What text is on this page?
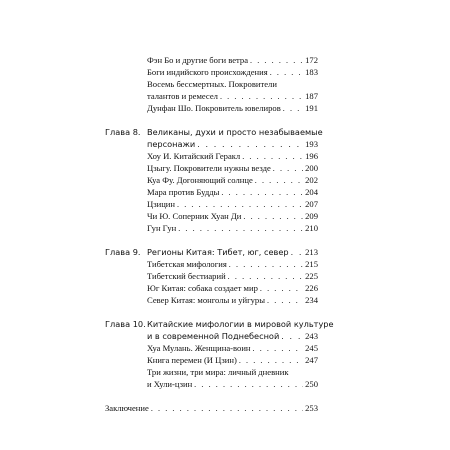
Фэн Бо и другие боги ветра . . .	172
Боги индийского происхождения . . .	183
Восемь бессмертных. Покровители
талантов и ремесел . . .	187
Дунфан Шо. Покровитель ювелиров . . .	191
Глава 8. Великаны, духи и просто незабываемые
персонажи . . .	193
Хоу И. Китайский Геракл . . .	196
Цзыгу. Покровители нужны везде . . .	200
Куа Фу. Догоняющий солнце . . .	202
Мара против Будды . . .	204
Цзицин . . .	207
Чи Ю. Соперник Хуан Ди . . .	209
Гун Гун . . .	210
Глава 9. Регионы Китая: Тибет, юг, север . . . 213
Тибетская мифология . . .	215
Тибетский бестиарий . . .	225
Юг Китая: собака создает мир . . .	226
Север Китая: монголы и уйгуры . . .	234
Глава 10. Китайские мифологии в мировой культуре
и в современной Поднебесной . . .	243
Хуа Мулань. Женщина-воин . . .	245
Книга перемен (И Цзин) . . .	247
Три жизни, три мира: личный дневник
и Хули-цзин . . .	250
Заключение . . .	253
